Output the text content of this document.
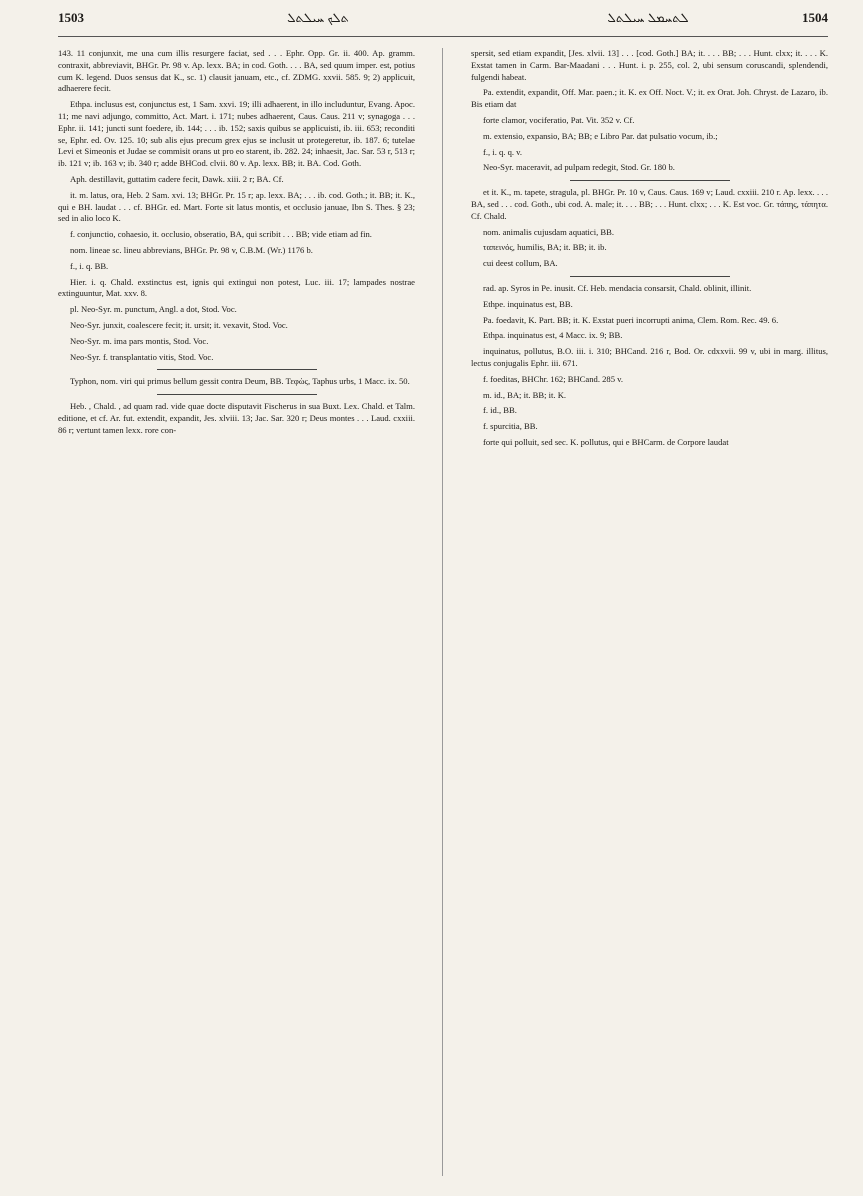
1503	ܬܠܟ ܚܝܠܬܠ	ܠܬܚܡܠ ܚܝܠܬܠ	1504

143. 11 conjunxit, me una cum illis resurgere faciat, sed . . . Ephr. Opp. Gr. ii. 400. Ap. gramm. contraxit, abbreviavit, BHGr. Pr. 98 v. Ap. lexx. BA; in cod. Goth. . . . BA, sed quum imper. est, potius cum K. legend. Duos sensus dat K., sc. 1) clausit januam, etc., cf. ZDMG. xxvii. 585. 9; 2) applicuit, adhaerere fecit.

Ethpa. inclusus est, conjunctus est, 1 Sam. xxvi. 19; illi adhaerent, in illo includuntur, Evang. Apoc. 11; me navi adjungo, committo, Act. Mart. i. 171; nubes adhaerent, Caus. Caus. 211 v; synagoga . . . Ephr. ii. 141; juncti sunt foedere, ib. 144; . . . ib. 152; saxis quibus se applicuisti, ib. iii. 653; reconditi se, Ephr. ed. Ov. 125. 10; sub alis ejus precum grex ejus se inclusit ut protegeretur, ib. 187. 6; tutelae Levi et Simeonis et Judae se commisit orans ut pro eo starent, ib. 282. 24; inhaesit, Jac. Sar. 53 r, 513 r; ib. 121 v; ib. 163 v; ib. 340 r; adde BHCod. clvii. 80 v. Ap. lexx. BB; it. BA. Cod. Goth.

Aph. destillavit, guttatim cadere fecit, Dawk. xiii. 2 r; BA. Cf.

it. m. latus, ora, Heb. 2 Sam. xvi. 13; BHGr. Pr. 15 r; ap. lexx. BA; . . . ib. cod. Goth.; it. BB; it. K., qui e BH. laudat . . . cf. BHGr. ed. Mart. Forte sit latus montis, et occlusio januae, Ibn S. Thes. § 23; sed in alio loco K.

f. conjunctio, cohaesio, it. occlusio, obseratio, BA, qui scribit . . . BB; vide etiam ad fin.

nom. lineae sc. lineu abbrevians, BHGr. Pr. 98 v, C.B.M. (Wr.) 1176 b.

f., i. q. BB.

Hier. i. q. Chald. exstinctus est, ignis qui extingui non potest, Luc. iii. 17; lampades nostrae extinguuntur, Mat. xxv. 8.

pl. Neo-Syr. m. punctum, Angl. a dot, Stod. Voc.

Neo-Syr. junxit, coalescere fecit; it. ursit; it. vexavit, Stod. Voc.

Neo-Syr. m. ima pars montis, Stod. Voc.

Neo-Syr. f. transplantatio vitis, Stod. Voc.

Typhon, nom. viri qui primus bellum gessit contra Deum, BB. Τεφὼς, Taphus urbs, 1 Macc. ix. 50.

Heb. , Chald. , ad quam rad. vide quae docte disputavit Fischerus in sua Buxt. Lex. Chald. et Talm. editione, et cf. Ar. fut. extendit, expandit, Jes. xlviii. 13; Jac. Sar. 320 r; Deus montes . . . Laud. cxxiii. 86 r; vertunt tamen lexx. rore con-

spersit, sed etiam expandit, [Jes. xlvii. 13] . . . [cod. Goth.] BA; it. . . . BB; . . . Hunt. clxx; it. . . . K. Exstat tamen in Carm. Bar-Maadani . . . Hunt. i. p. 255, col. 2, ubi sensum coruscandi, splendendi, fulgendi habeat.

Pa. extendit, expandit, Off. Mar. paen.; it. K. ex Off. Noct. V.; it. ex Orat. Joh. Chryst. de Lazaro, ib. Bis etiam dat

forte clamor, vociferatio, Pat. Vit. 352 v. Cf.

m. extensio, expansio, BA; BB; e Libro Par. dat pulsatio vocum, ib.;

f., i. q. q. v.

Neo-Syr. maceravit, ad pulpam redegit, Stod. Gr. 180 b.

et it. K., m. tapete, stragula, pl. BHGr. Pr. 10 v, Caus. Caus. 169 v; Laud. cxxiii. 210 r. Ap. lexx. . . . BA, sed . . . cod. Goth., ubi cod. A. male; it. . . . BB; . . . Hunt. clxx; . . . K. Est voc. Gr. τάπης, τάπητα. Cf. Chald.

nom. animalis cujusdam aquatici, BB.

ταπεινός, humilis, BA; it. BB; it. ib.

cui deest collum, BA.

rad. ap. Syros in Pe. inusit. Cf. Heb. mendacia consarsit, Chald. oblinit, illinit.

Ethpe. inquinatus est, BB.

Pa. foedavit, K. Part. BB; it. K. Exstat pueri incorrupti anima, Clem. Rom. Rec. 49. 6.

Ethpa. inquinatus est, 4 Macc. ix. 9; BB.

inquinatus, pollutus, B.O. iii. i. 310; BHCand. 216 r, Bod. Or. cdxxvii. 99 v, ubi in marg. illitus, lectus conjugalis Ephr. iii. 671.

f. foeditas, BHChr. 162; BHCand. 285 v.

m. id., BA; it. BB; it. K.

f. id., BB.

f. spurcitia, BB.

forte qui polluit, sed sec. K. pollutus, qui e BHCarm. de Corpore laudat
